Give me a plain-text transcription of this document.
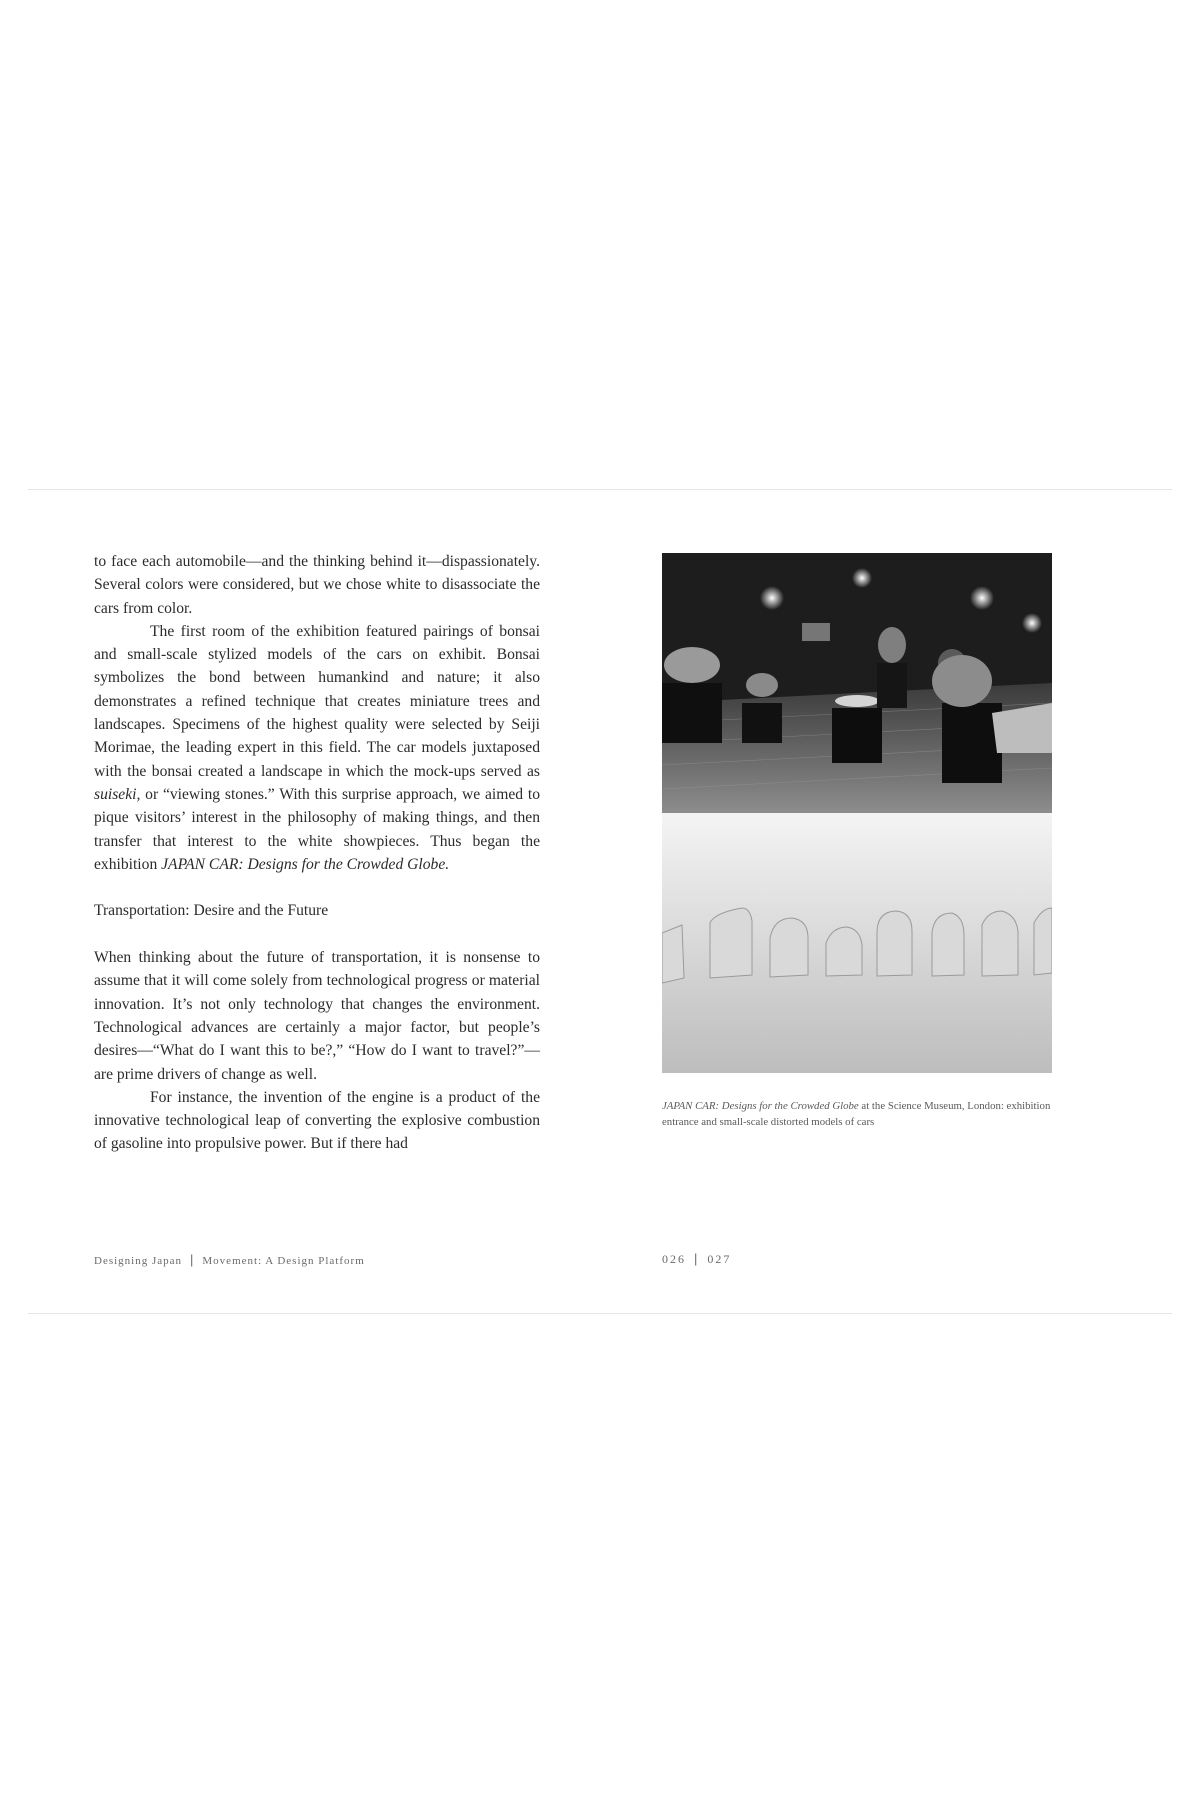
to face each automobile—and the thinking behind it—dispassionately. Several colors were considered, but we chose white to disassociate the cars from color.

The first room of the exhibition featured pairings of bonsai and small-scale stylized models of the cars on exhibit. Bonsai symbolizes the bond between humankind and nature; it also demonstrates a refined technique that creates miniature trees and landscapes. Specimens of the highest quality were selected by Seiji Morimae, the leading expert in this field. The car models juxtaposed with the bonsai created a landscape in which the mock-ups served as suiseki, or “viewing stones.” With this surprise approach, we aimed to pique visitors’ interest in the philosophy of making things, and then transfer that interest to the white showpieces. Thus began the exhibition JAPAN CAR: Designs for the Crowded Globe.

Transportation: Desire and the Future

When thinking about the future of transportation, it is nonsense to assume that it will come solely from technological progress or material innovation. It’s not only technology that changes the environment. Technological advances are certainly a major factor, but people’s desires—“What do I want this to be?,” “How do I want to travel?”—are prime drivers of change as well.

For instance, the invention of the engine is a product of the innovative technological leap of converting the explosive combustion of gasoline into propulsive power. But if there had

JAPAN CAR: Designs for the Crowded Globe at the Science Museum, London: exhibition entrance and small-scale distorted models of cars
Designing Japan | Movement: A Design Platform	026 | 027
